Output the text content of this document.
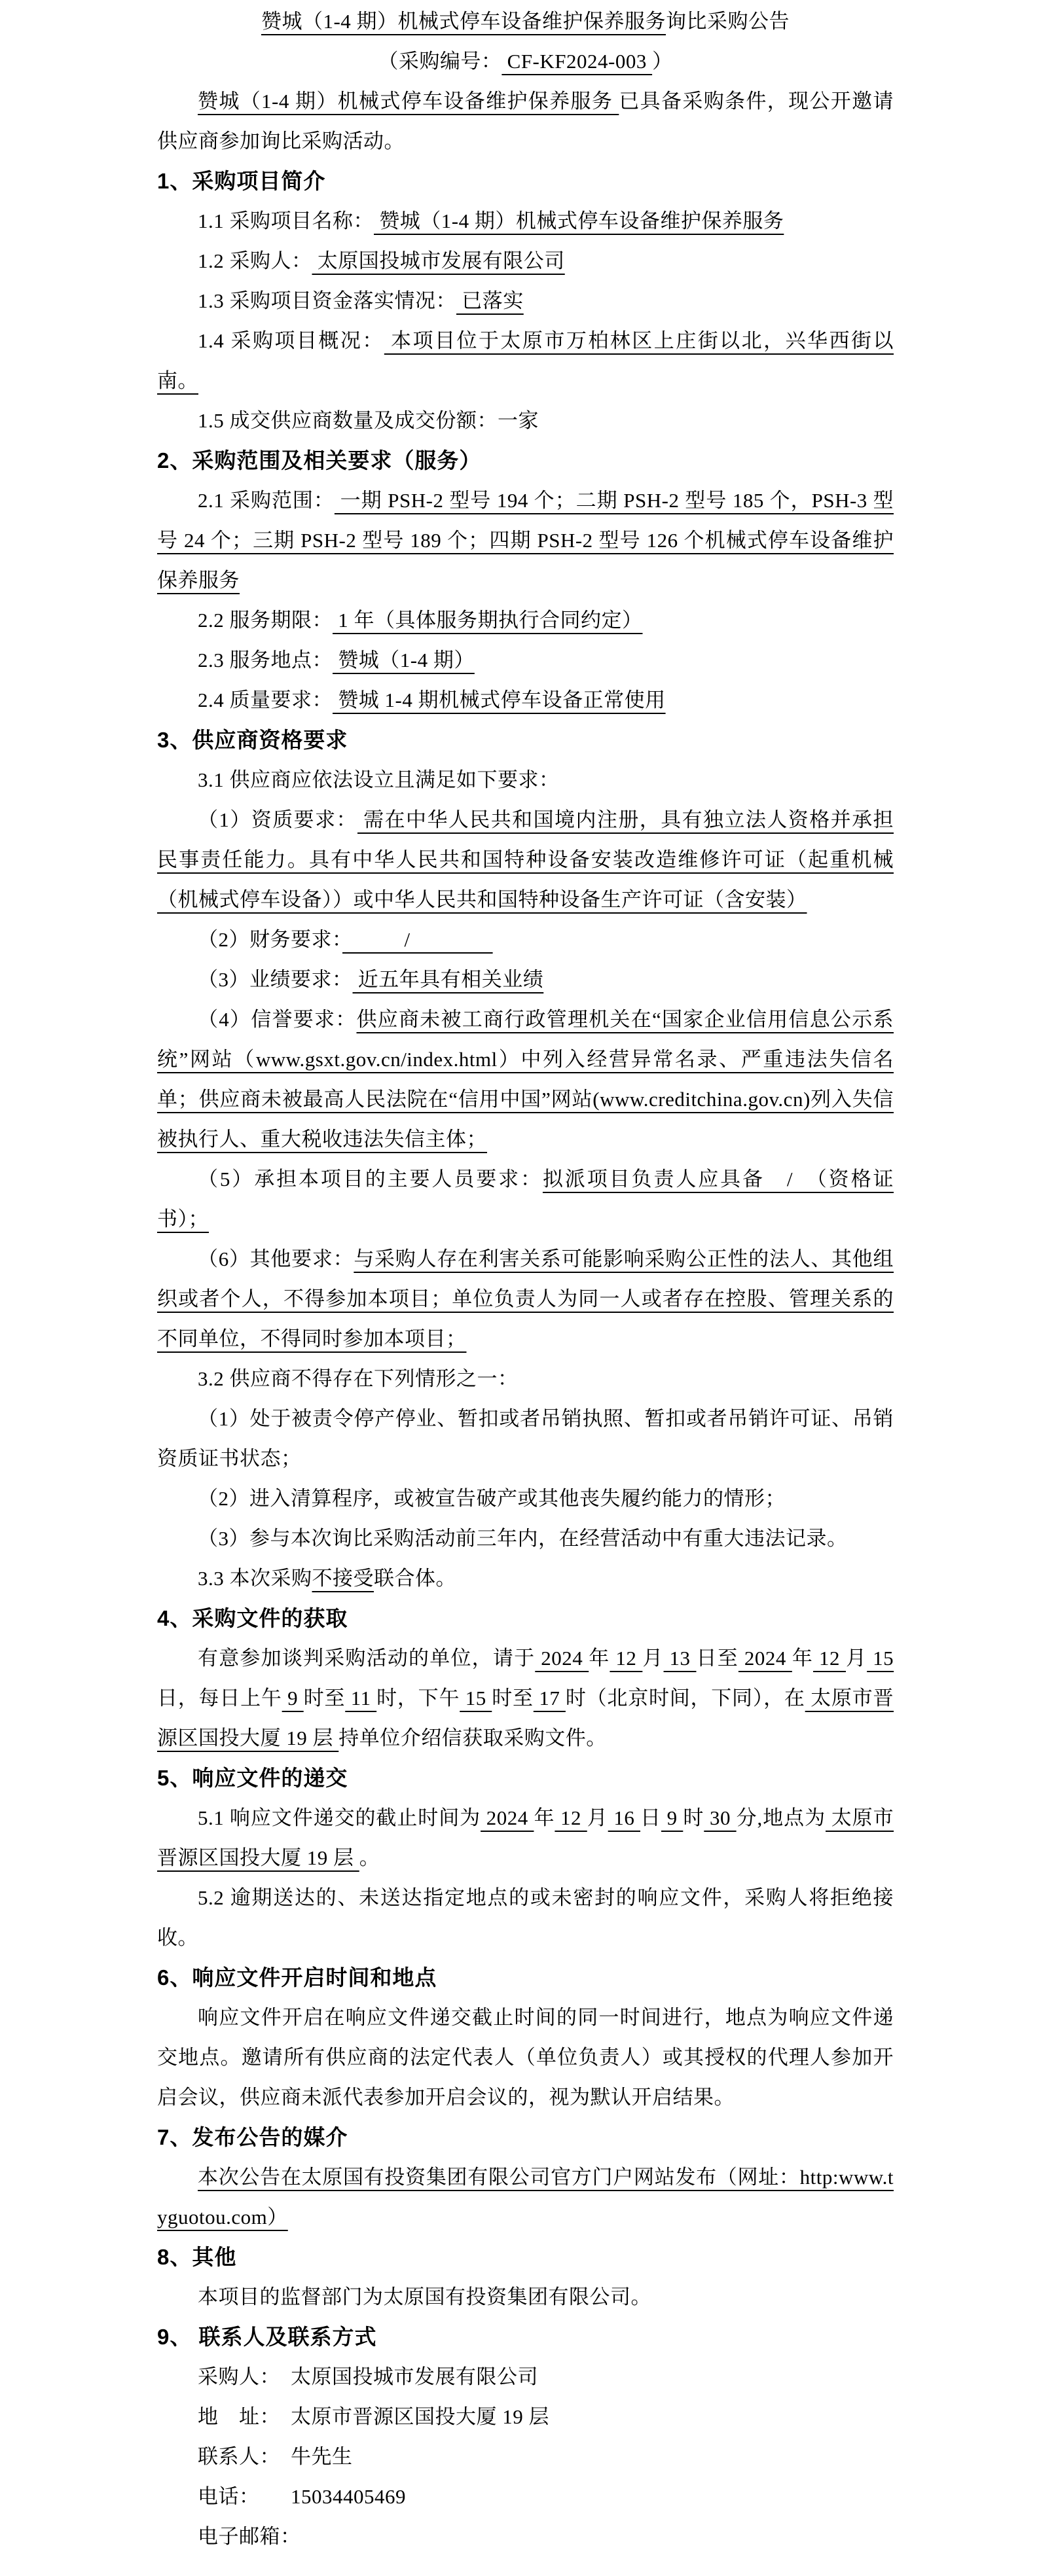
赞城（1-4 期）机械式停车设备维护保养服务询比采购公告

（采购编号： CF-KF2024-003 ）

赞城（1-4 期）机械式停车设备维护保养服务 已具备采购条件，现公开邀请供应商参加询比采购活动。

1、采购项目简介

1.1 采购项目名称： 赞城（1-4 期）机械式停车设备维护保养服务

1.2 采购人： 太原国投城市发展有限公司

1.3 采购项目资金落实情况： 已落实

1.4 采购项目概况： 本项目位于太原市万柏林区上庄街以北，兴华西街以南。

1.5 成交供应商数量及成交份额：一家

2、采购范围及相关要求（服务）

2.1 采购范围： 一期 PSH-2 型号 194 个；二期 PSH-2 型号 185 个，PSH-3 型号 24 个；三期 PSH-2 型号 189 个；四期 PSH-2 型号 126 个机械式停车设备维护保养服务

2.2 服务期限： 1 年（具体服务期执行合同约定）

2.3 服务地点： 赞城（1-4 期）

2.4 质量要求： 赞城 1-4 期机械式停车设备正常使用

3、供应商资格要求

3.1 供应商应依法设立且满足如下要求：

（1）资质要求： 需在中华人民共和国境内注册，具有独立法人资格并承担民事责任能力。具有中华人民共和国特种设备安装改造维修许可证（起重机械（机械式停车设备））或中华人民共和国特种设备生产许可证（含安装）

（2）财务要求：　　　/　　　　

（3）业绩要求： 近五年具有相关业绩

（4）信誉要求：供应商未被工商行政管理机关在“国家企业信用信息公示系统”网站（www.gsxt.gov.cn/index.html）中列入经营异常名录、严重违法失信名单；供应商未被最高人民法院在“信用中国”网站(www.creditchina.gov.cn)列入失信被执行人、重大税收违法失信主体；

（5）承担本项目的主要人员要求：拟派项目负责人应具备　/　（资格证书）；

（6）其他要求：与采购人存在利害关系可能影响采购公正性的法人、其他组织或者个人，不得参加本项目；单位负责人为同一人或者存在控股、管理关系的不同单位，不得同时参加本项目；

3.2 供应商不得存在下列情形之一：

（1）处于被责令停产停业、暂扣或者吊销执照、暂扣或者吊销许可证、吊销资质证书状态；

（2）进入清算程序，或被宣告破产或其他丧失履约能力的情形；

（3）参与本次询比采购活动前三年内，在经营活动中有重大违法记录。

3.3 本次采购不接受联合体。

4、采购文件的获取

有意参加谈判采购活动的单位，请于 2024 年 12 月 13 日至 2024 年 12 月 15 日，每日上午 9 时至 11 时，下午 15 时至 17 时（北京时间，下同），在 太原市晋源区国投大厦 19 层 持单位介绍信获取采购文件。

5、响应文件的递交

5.1 响应文件递交的截止时间为 2024 年 12 月 16 日 9 时 30 分,地点为 太原市晋源区国投大厦 19 层 。

5.2 逾期送达的、未送达指定地点的或未密封的响应文件，采购人将拒绝接收。

6、响应文件开启时间和地点

响应文件开启在响应文件递交截止时间的同一时间进行，地点为响应文件递交地点。邀请所有供应商的法定代表人（单位负责人）或其授权的代理人参加开启会议，供应商未派代表参加开启会议的，视为默认开启结果。

7、发布公告的媒介

本次公告在太原国有投资集团有限公司官方门户网站发布（网址：http:www.tyguotou.com）

8、其他

本项目的监督部门为太原国有投资集团有限公司。

9、 联系人及联系方式

采购人：　太原国投城市发展有限公司

地　址：　太原市晋源区国投大厦 19 层

联系人：　牛先生

电话：　　15034405469

电子邮箱：
